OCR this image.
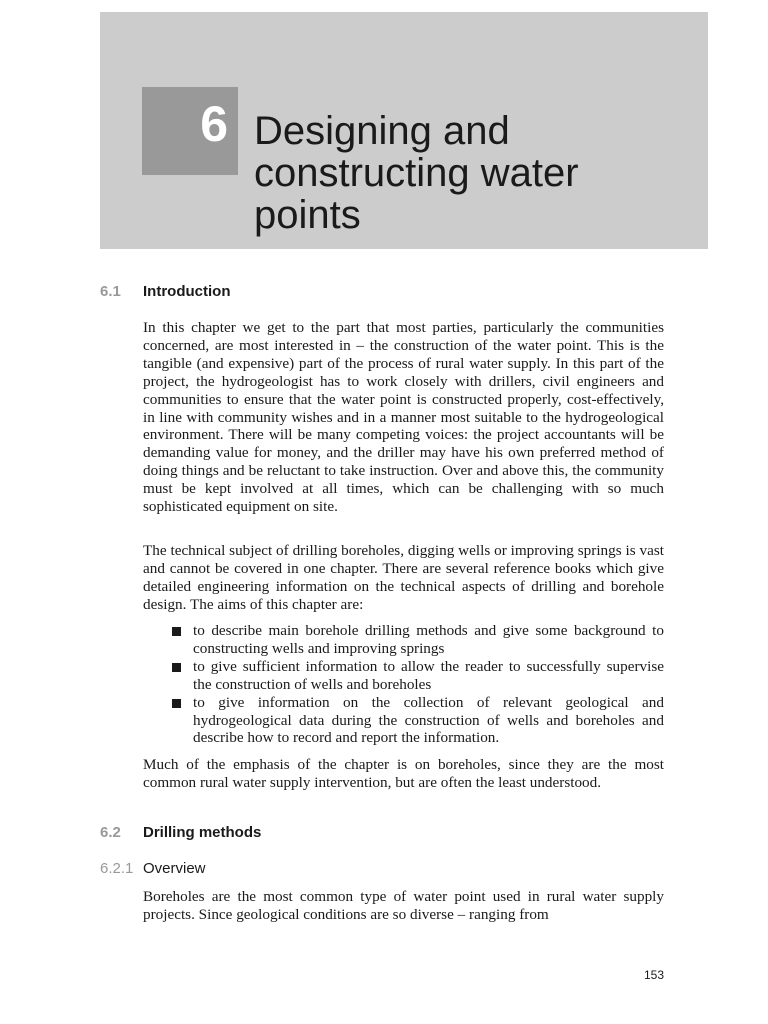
6 Designing and constructing water points
6.1 Introduction

In this chapter we get to the part that most parties, particularly the communities concerned, are most interested in – the construction of the water point. This is the tangible (and expensive) part of the process of rural water supply. In this part of the project, the hydrogeologist has to work closely with drillers, civil engineers and communities to ensure that the water point is constructed properly, cost-effectively, in line with community wishes and in a manner most suitable to the hydrogeological environment. There will be many competing voices: the project accountants will be demanding value for money, and the driller may have his own preferred method of doing things and be reluctant to take instruction. Over and above this, the community must be kept involved at all times, which can be challenging with so much sophisticated equipment on site.

The technical subject of drilling boreholes, digging wells or improving springs is vast and cannot be covered in one chapter. There are several reference books which give detailed engineering information on the technical aspects of drilling and borehole design. The aims of this chapter are:

to describe main borehole drilling methods and give some background to constructing wells and improving springs
to give sufficient information to allow the reader to successfully supervise the construction of wells and boreholes
to give information on the collection of relevant geological and hydrogeological data during the construction of wells and boreholes and describe how to record and report the information.

Much of the emphasis of the chapter is on boreholes, since they are the most common rural water supply intervention, but are often the least understood.

6.2 Drilling methods
6.2.1 Overview

Boreholes are the most common type of water point used in rural water supply projects. Since geological conditions are so diverse – ranging from

153
